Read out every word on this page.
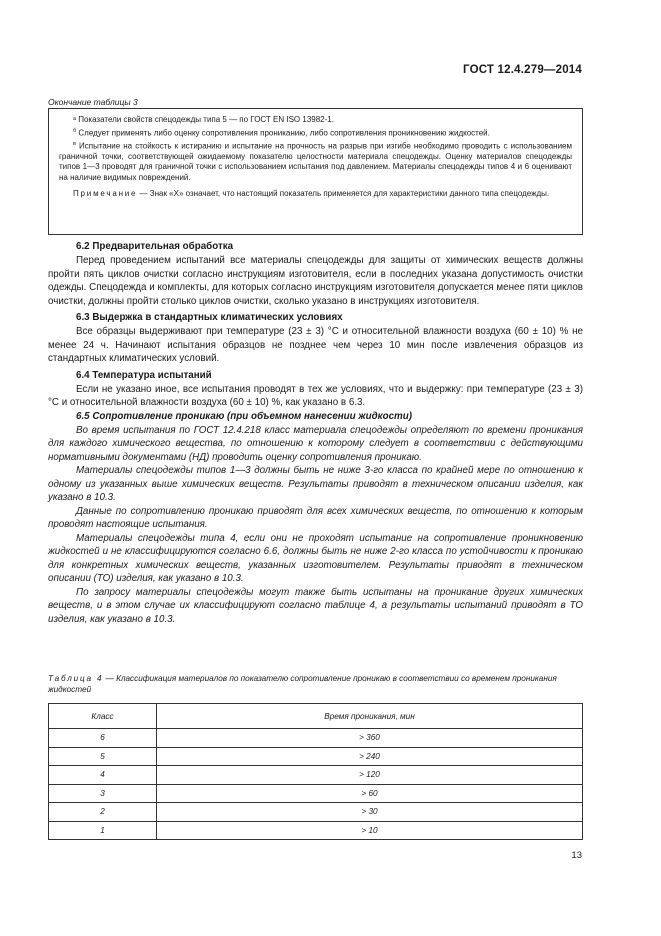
ГОСТ 12.4.279—2014
Окончание таблицы 3

ᵃ Показатели свойств спецодежды типа 5 — по ГОСТ EN ISO 13982-1.

$^б$ Следует применять либо оценку сопротивления прониканию, либо сопротивления проникновению жидкостей.

$^в$ Испытание на стойкость к истиранию и испытание на прочность на разрыв при изгибе необходимо проводить с использованием граничной точки, соответствующей ожидаемому показателю целостности материала спецодежды. Оценку материалов спецодежды типов 1—3 проводят для граничной точки с использованием испытания под давлением. Материалы спецодежды типов 4 и 6 оценивают на наличие видимых повреждений.

Примечание — Знак «Х» означает, что настоящий показатель применяется для характеристики данного типа спецодежды.

6.2 Предварительная обработка

Перед проведением испытаний все материалы спецодежды для защиты от химических веществ должны пройти пять циклов очистки согласно инструкциям изготовителя, если в последних указана допустимость очистки одежды. Спецодежда и комплекты, для которых согласно инструкциям изготовителя допускается менее пяти циклов очистки, должны пройти столько циклов очистки, сколько указано в инструкциях изготовителя.

6.3 Выдержка в стандартных климатических условиях

Все образцы выдерживают при температуре (23 ± 3) °С и относительной влажности воздуха (60 ± 10) % не менее 24 ч. Начинают испытания образцов не позднее чем через 10 мин после извлечения образцов из стандартных климатических условий.

6.4 Температура испытаний

Если не указано иное, все испытания проводят в тех же условиях, что и выдержку: при температуре (23 ± 3) °С и относительной влажности воздуха (60 ± 10) %, как указано в 6.3.

6.5 Сопротивление проникаю (при объемном нанесении жидкости)

Во время испытания по ГОСТ 12.4.218 класс материала спецодежды определяют по времени проникания для каждого химического вещества, по отношению к которому следует в соответствии с действующими нормативными документами (НД) проводить оценку сопротивления проникаю.

Материалы спецодежды типов 1—3 должны быть не ниже 3-го класса по крайней мере по отношению к одному из указанных выше химических веществ. Результаты приводят в техническом описании изделия, как указано в 10.3.

Данные по сопротивлению проникаю приводят для всех химических веществ, по отношению к которым проводят настоящие испытания.

Материалы спецодежды типа 4, если они не проходят испытание на сопротивление проникновению жидкостей и не классифицируются согласно 6.6, должны быть не ниже 2-го класса по устойчивости к проникаю для конкретных химических веществ, указанных изготовителем. Результаты приводят в техническом описании (ТО) изделия, как указано в 10.3.

По запросу материалы спецодежды могут также быть испытаны на проникание других химических веществ, и в этом случае их классифицируют согласно таблице 4, а результаты испытаний приводят в ТО изделия, как указано в 10.3.

Таблица 4 — Классификация материалов по показателю сопротивление проникаю в соответствии со временем проникания жидкостей
Класс	Время проникания, мин
6	> 360
5	> 240
4	> 120
3	> 60
2	> 30
1	> 10
13
